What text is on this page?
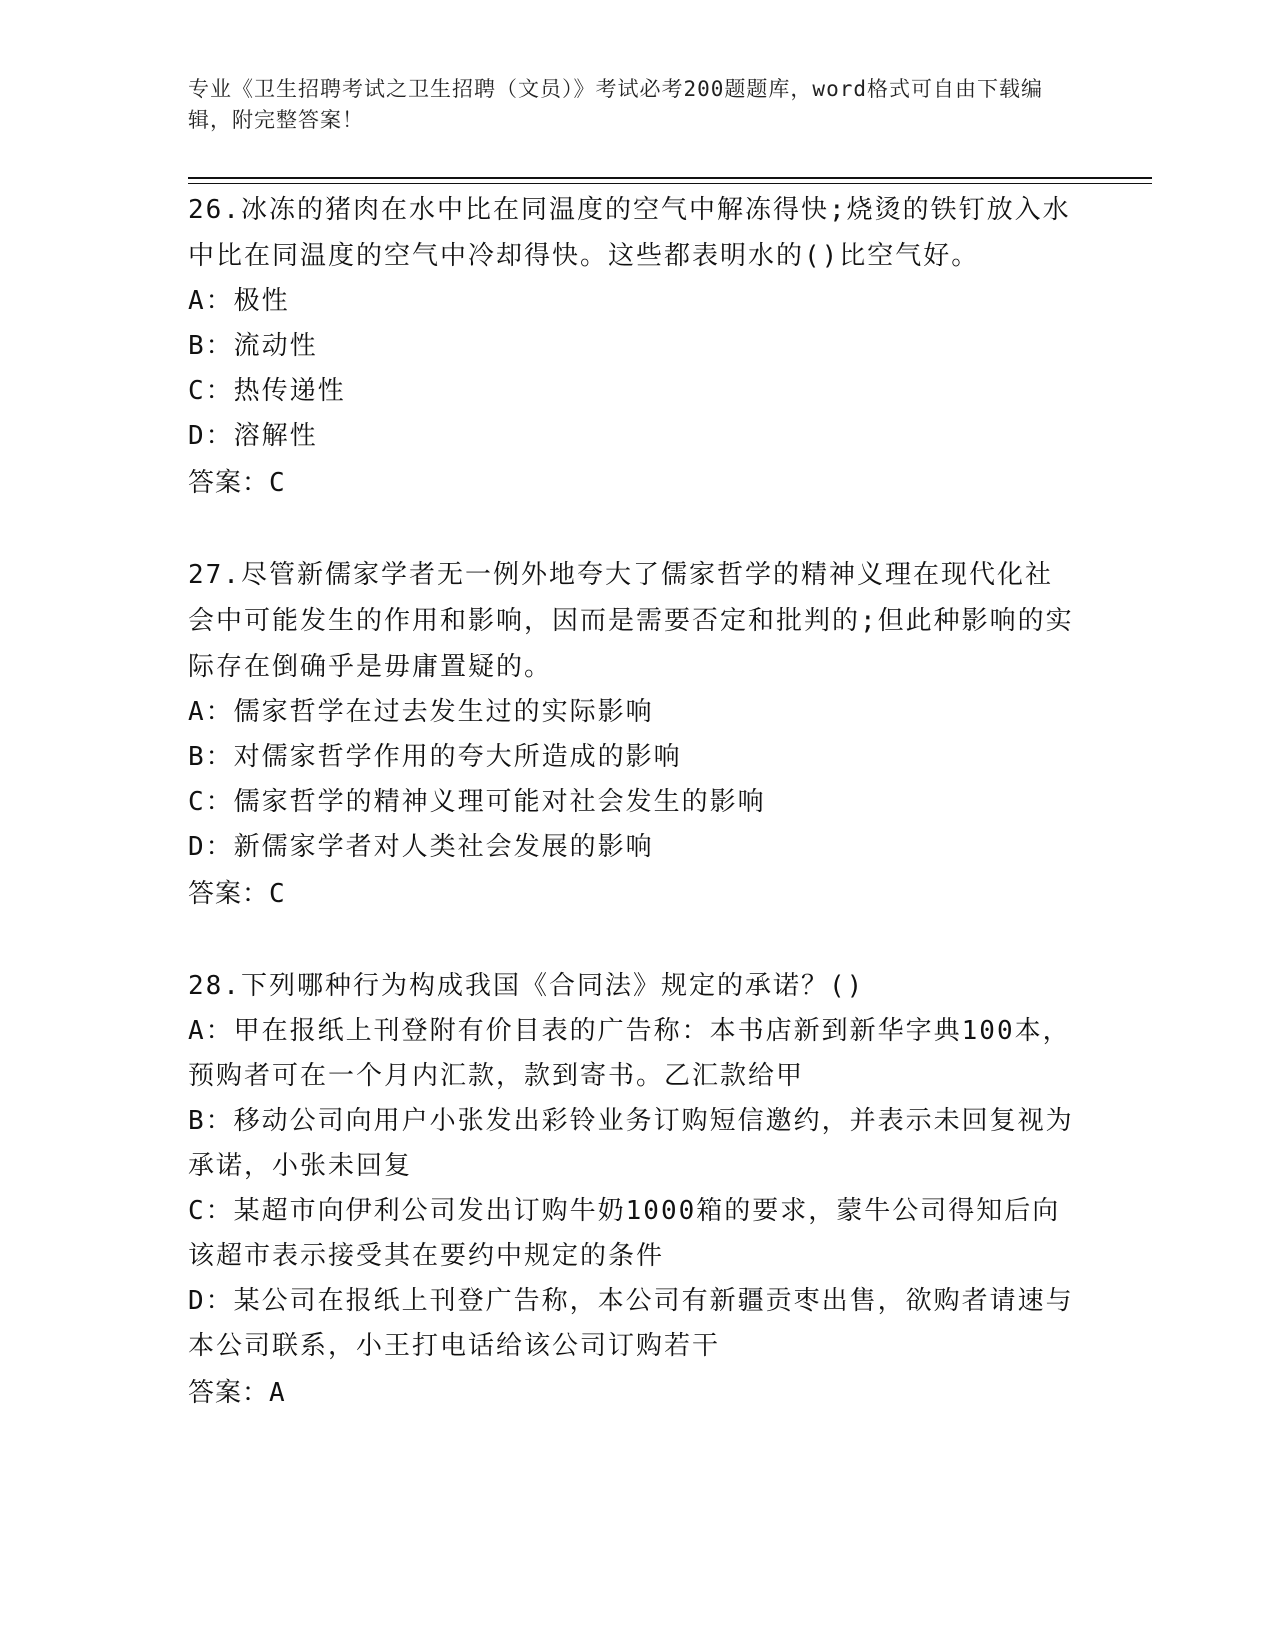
专业《卫生招聘考试之卫生招聘（文员）》考试必考200题题库，word格式可自由下载编辑，附完整答案！

26.冰冻的猪肉在水中比在同温度的空气中解冻得快;烧烫的铁钉放入水中比在同温度的空气中冷却得快。这些都表明水的()比空气好。

A：极性

B：流动性

C：热传递性

D：溶解性

答案：C

27.尽管新儒家学者无一例外地夸大了儒家哲学的精神义理在现代化社会中可能发生的作用和影响，因而是需要否定和批判的;但此种影响的实际存在倒确乎是毋庸置疑的。

A：儒家哲学在过去发生过的实际影响

B：对儒家哲学作用的夸大所造成的影响

C：儒家哲学的精神义理可能对社会发生的影响

D：新儒家学者对人类社会发展的影响

答案：C

28.下列哪种行为构成我国《合同法》规定的承诺？()

A：甲在报纸上刊登附有价目表的广告称：本书店新到新华字典100本，预购者可在一个月内汇款，款到寄书。乙汇款给甲

B：移动公司向用户小张发出彩铃业务订购短信邀约，并表示未回复视为承诺，小张未回复

C：某超市向伊利公司发出订购牛奶1000箱的要求，蒙牛公司得知后向该超市表示接受其在要约中规定的条件

D：某公司在报纸上刊登广告称，本公司有新疆贡枣出售，欲购者请速与本公司联系，小王打电话给该公司订购若干

答案：A
